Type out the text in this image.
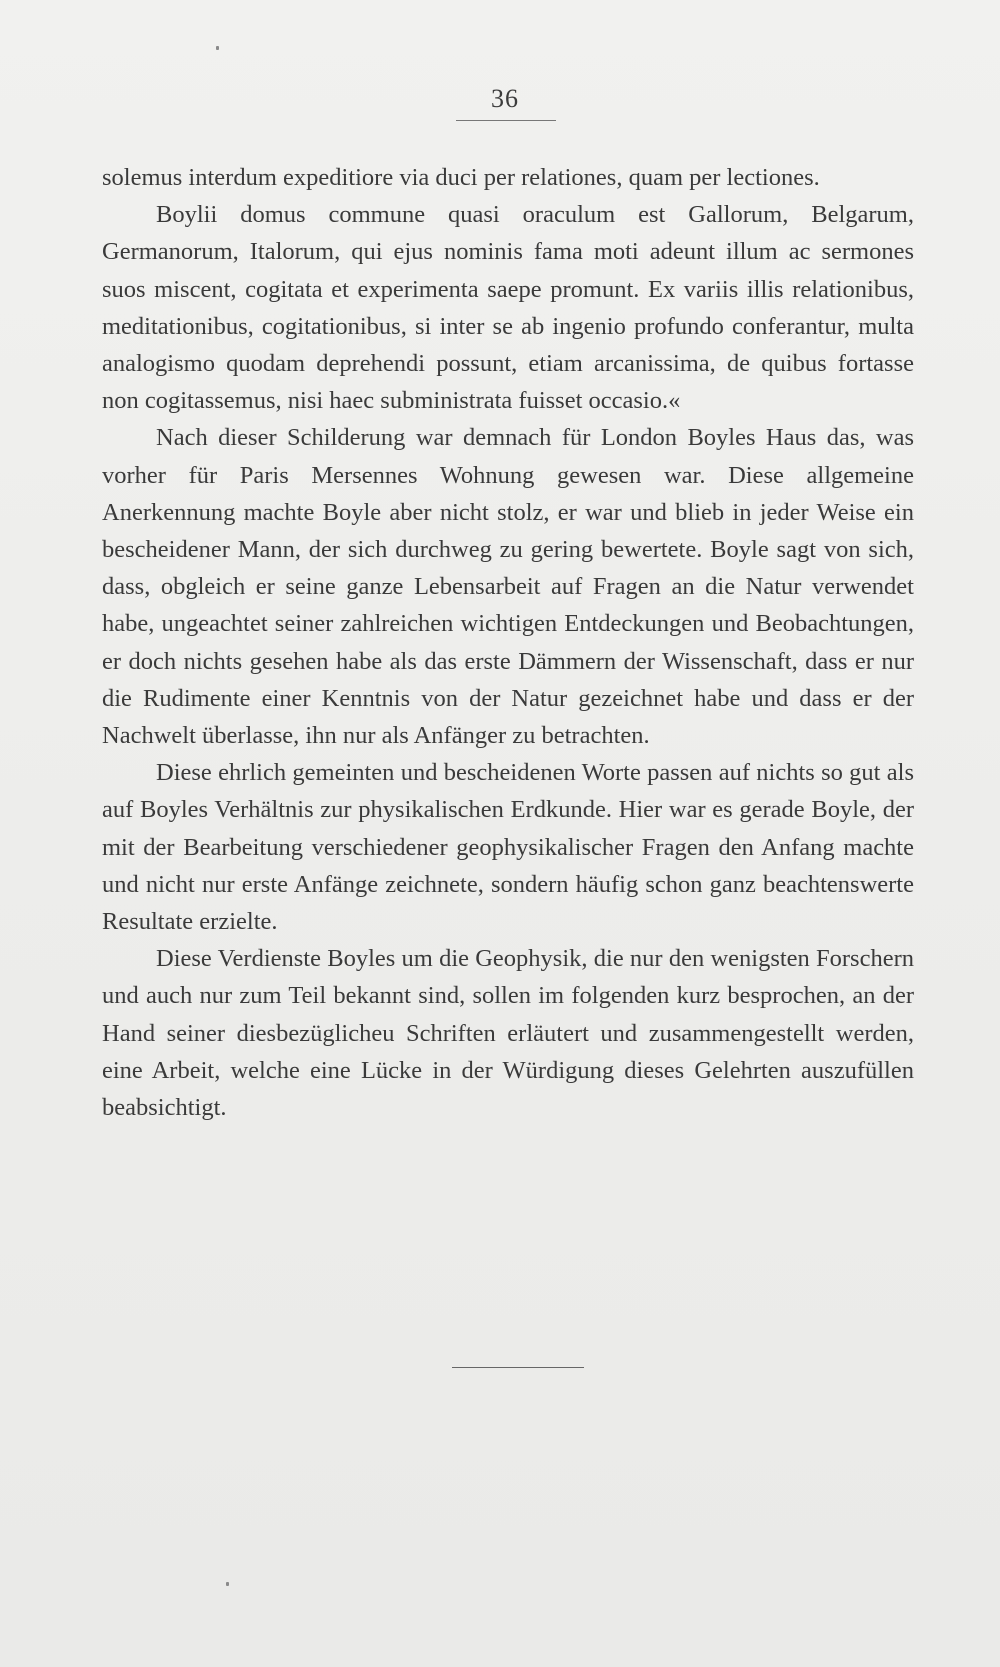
36

solemus interdum expeditiore via duci per relationes, quam per lectiones.

Boylii domus commune quasi oraculum est Gallorum, Belgarum, Germanorum, Italorum, qui ejus nominis fama moti adeunt illum ac sermones suos miscent, cogitata et experimenta saepe promunt. Ex variis illis relationibus, meditationibus, cogitationibus, si inter se ab ingenio profundo conferantur, multa analogismo quodam deprehendi possunt, etiam arcanissima, de quibus fortasse non cogitassemus, nisi haec subministrata fuisset occasio.«

Nach dieser Schilderung war demnach für London Boyles Haus das, was vorher für Paris Mersennes Wohnung gewesen war. Diese allgemeine Anerkennung machte Boyle aber nicht stolz, er war und blieb in jeder Weise ein bescheidener Mann, der sich durchweg zu gering bewertete. Boyle sagt von sich, dass, obgleich er seine ganze Lebensarbeit auf Fragen an die Natur verwendet habe, ungeachtet seiner zahlreichen wichtigen Entdeckungen und Beobachtungen, er doch nichts gesehen habe als das erste Dämmern der Wissenschaft, dass er nur die Rudimente einer Kenntnis von der Natur gezeichnet habe und dass er der Nachwelt überlasse, ihn nur als Anfänger zu betrachten.

Diese ehrlich gemeinten und bescheidenen Worte passen auf nichts so gut als auf Boyles Verhältnis zur physikalischen Erdkunde. Hier war es gerade Boyle, der mit der Bearbeitung verschiedener geophysikalischer Fragen den Anfang machte und nicht nur erste Anfänge zeichnete, sondern häufig schon ganz beachtenswerte Resultate erzielte.

Diese Verdienste Boyles um die Geophysik, die nur den wenigsten Forschern und auch nur zum Teil bekannt sind, sollen im folgenden kurz besprochen, an der Hand seiner diesbezüglicheu Schriften erläutert und zusammengestellt werden, eine Arbeit, welche eine Lücke in der Würdigung dieses Gelehrten auszufüllen beabsichtigt.
